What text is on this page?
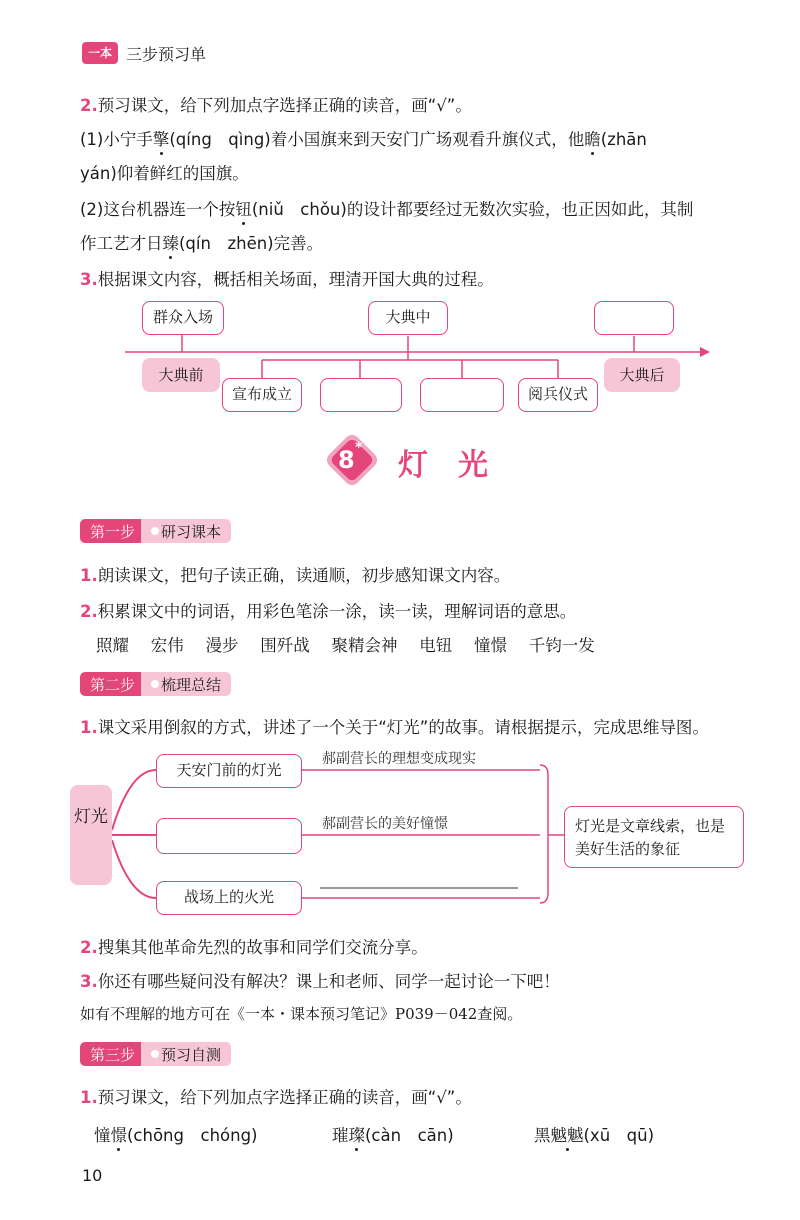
一本 三步预习单
2.预习课文，给下列加点字选择正确的读音，画“√”。
(1)小宁手擎(qíng　qìng)着小国旗来到天安门广场观看升旗仪式，他瞻(zhān
yán)仰着鲜红的国旗。
(2)这台机器连一个按钮(niǔ　chǒu)的设计都要经过无数次实验，也正因如此，其制
作工艺才日臻(qín　zhēn)完善。
3.根据课文内容，概括相关场面，理清开国大典的过程。
群众入场	大典中
大典前
宣布成立	阅兵仪式
大典后
8 * 灯　光
第一步	研习课本
1.朗读课文，把句子读正确，读通顺，初步感知课文内容。
2.积累课文中的词语，用彩色笔涂一涂，读一读，理解词语的意思。
照耀　 宏伟　 漫步　 围歼战　 聚精会神　 电钮　 憧憬　 千钧一发
第二步	梳理总结
1.课文采用倒叙的方式，讲述了一个关于“灯光”的故事。请根据提示，完成思维导图。
灯光
天安门前的灯光
郝副营长的理想变成现实
郝副营长的美好憧憬
战场上的火光
灯光是文章线索，也是美好生活的象征
2.搜集其他革命先烈的故事和同学们交流分享。
3.你还有哪些疑问没有解决？课上和老师、同学一起讨论一下吧！
如有不理解的地方可在《一本・课本预习笔记》P039－042查阅。
第三步	预习自测
1.预习课文，给下列加点字选择正确的读音，画“√”。
憧憬(chōng　chóng)	璀璨(càn　cān)	黑魆魆(xū　qū)
10
